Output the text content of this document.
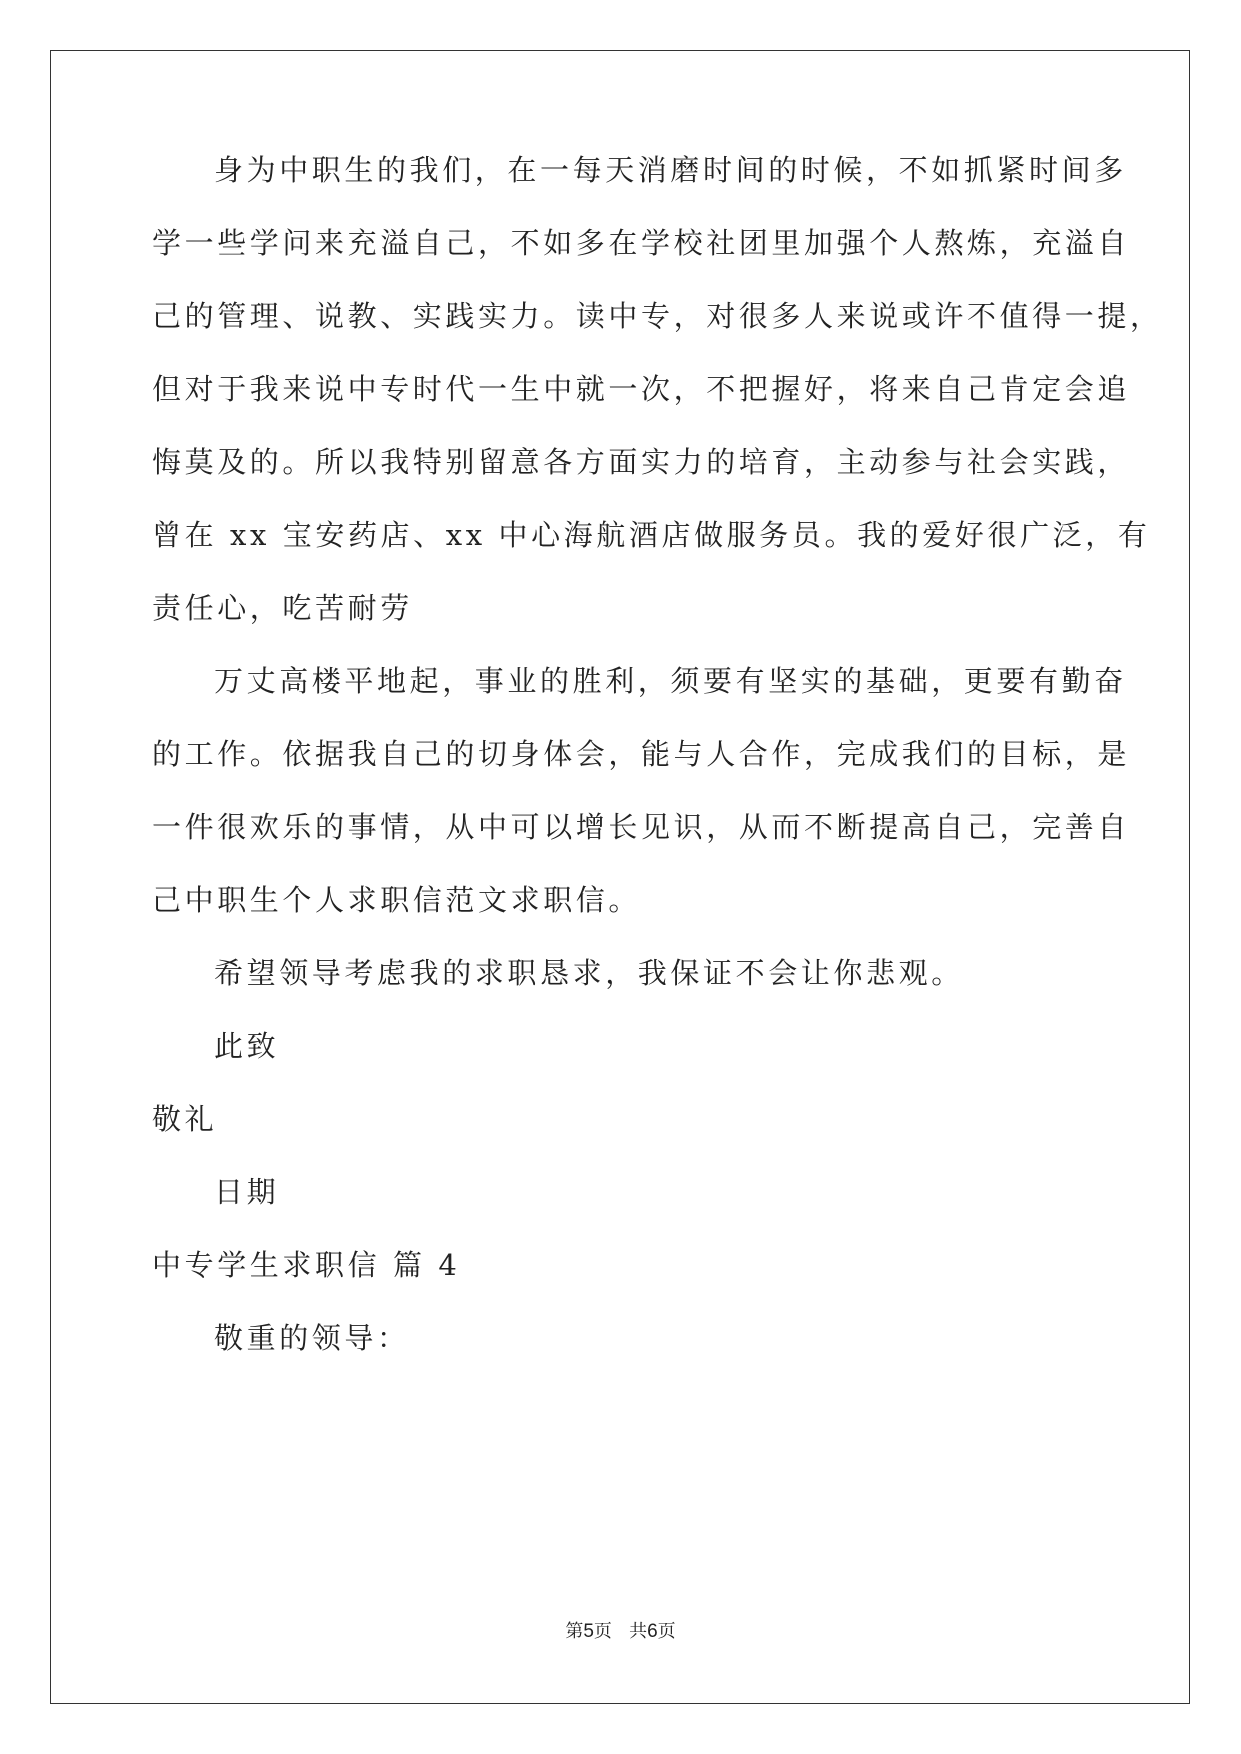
身为中职生的我们，在一每天消磨时间的时候，不如抓紧时间多
学一些学问来充溢自己，不如多在学校社团里加强个人熬炼，充溢自
己的管理、说教、实践实力。读中专，对很多人来说或许不值得一提，
但对于我来说中专时代一生中就一次，不把握好，将来自己肯定会追
悔莫及的。所以我特别留意各方面实力的培育，主动参与社会实践，
曾在 xx 宝安药店、xx 中心海航酒店做服务员。我的爱好很广泛，有
责任心，吃苦耐劳
万丈高楼平地起，事业的胜利，须要有坚实的基础，更要有勤奋
的工作。依据我自己的切身体会，能与人合作，完成我们的目标，是
一件很欢乐的事情，从中可以增长见识，从而不断提高自己，完善自
己中职生个人求职信范文求职信。
希望领导考虑我的求职恳求，我保证不会让你悲观。
此致
敬礼
日期
中专学生求职信 篇 4
敬重的领导：
第5页 共6页
